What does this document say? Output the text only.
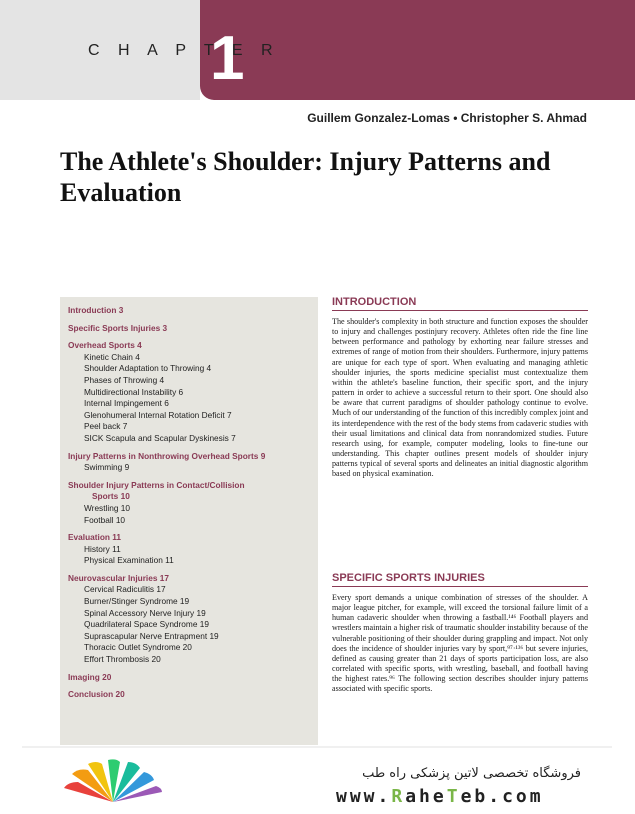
C H A P T E R
1
Guillem Gonzalez-Lomas • Christopher S. Ahmad
The Athlete's Shoulder: Injury Patterns and Evaluation
Introduction 3
Specific Sports Injuries 3
Overhead Sports 4
Kinetic Chain 4
Shoulder Adaptation to Throwing 4
Phases of Throwing 4
Multidirectional Instability 6
Internal Impingement 6
Glenohumeral Internal Rotation Deficit 7
Peel back 7
SICK Scapula and Scapular Dyskinesis 7
Injury Patterns in Nonthrowing Overhead Sports 9
Swimming 9
Shoulder Injury Patterns in Contact/Collision
Sports 10
Wrestling 10
Football 10
Evaluation 11
History 11
Physical Examination 11
Neurovascular Injuries 17
Cervical Radiculitis 17
Burner/Stinger Syndrome 19
Spinal Accessory Nerve Injury 19
Quadrilateral Space Syndrome 19
Suprascapular Nerve Entrapment 19
Thoracic Outlet Syndrome 20
Effort Thrombosis 20
Imaging 20
Conclusion 20
INTRODUCTION

The shoulder's complexity in both structure and function exposes the shoulder to injury and challenges postinjury recovery. Athletes often ride the fine line between performance and pathology by exhorting near failure stresses and extremes of range of motion from their shoulders. Furthermore, injury patterns are unique for each type of sport. When evaluating and managing athletic shoulder injuries, the sports medicine specialist must contextualize them within the athlete's baseline function, their specific sport, and the injury pattern in order to achieve a successful return to their sport. One should also be aware that current paradigms of shoulder pathology continue to evolve. Much of our understanding of the function of this incredibly complex joint and its interdependence with the rest of the body stems from cadaveric studies with their usual limitations and clinical data from nonrandomized studies. Future research using, for example, computer modeling, looks to fine-tune our understanding. This chapter outlines present models of shoulder injury patterns typical of several sports and delineates an initial diagnostic algorithm based on physical examination.

SPECIFIC SPORTS INJURIES

Every sport demands a unique combination of stresses of the shoulder. A major league pitcher, for example, will exceed the torsional failure limit of a human cadaveric shoulder when throwing a fastball.¹⁴⁶ Football players and wrestlers maintain a higher risk of traumatic shoulder instability because of the vulnerable positioning of their shoulder during grappling and impact. Not only does the incidence of shoulder injuries vary by sport,⁹⁷·¹³⁶ but severe injuries, defined as causing greater than 21 days of sports participation loss, are also correlated with specific sports, with wrestling, baseball, and football having the highest rates.⁹⁶ The following section describes shoulder injury patterns associated with specific sports.

فروشگاه تخصصی لاتین پزشکی راه طب
www.RaheTeb.com
